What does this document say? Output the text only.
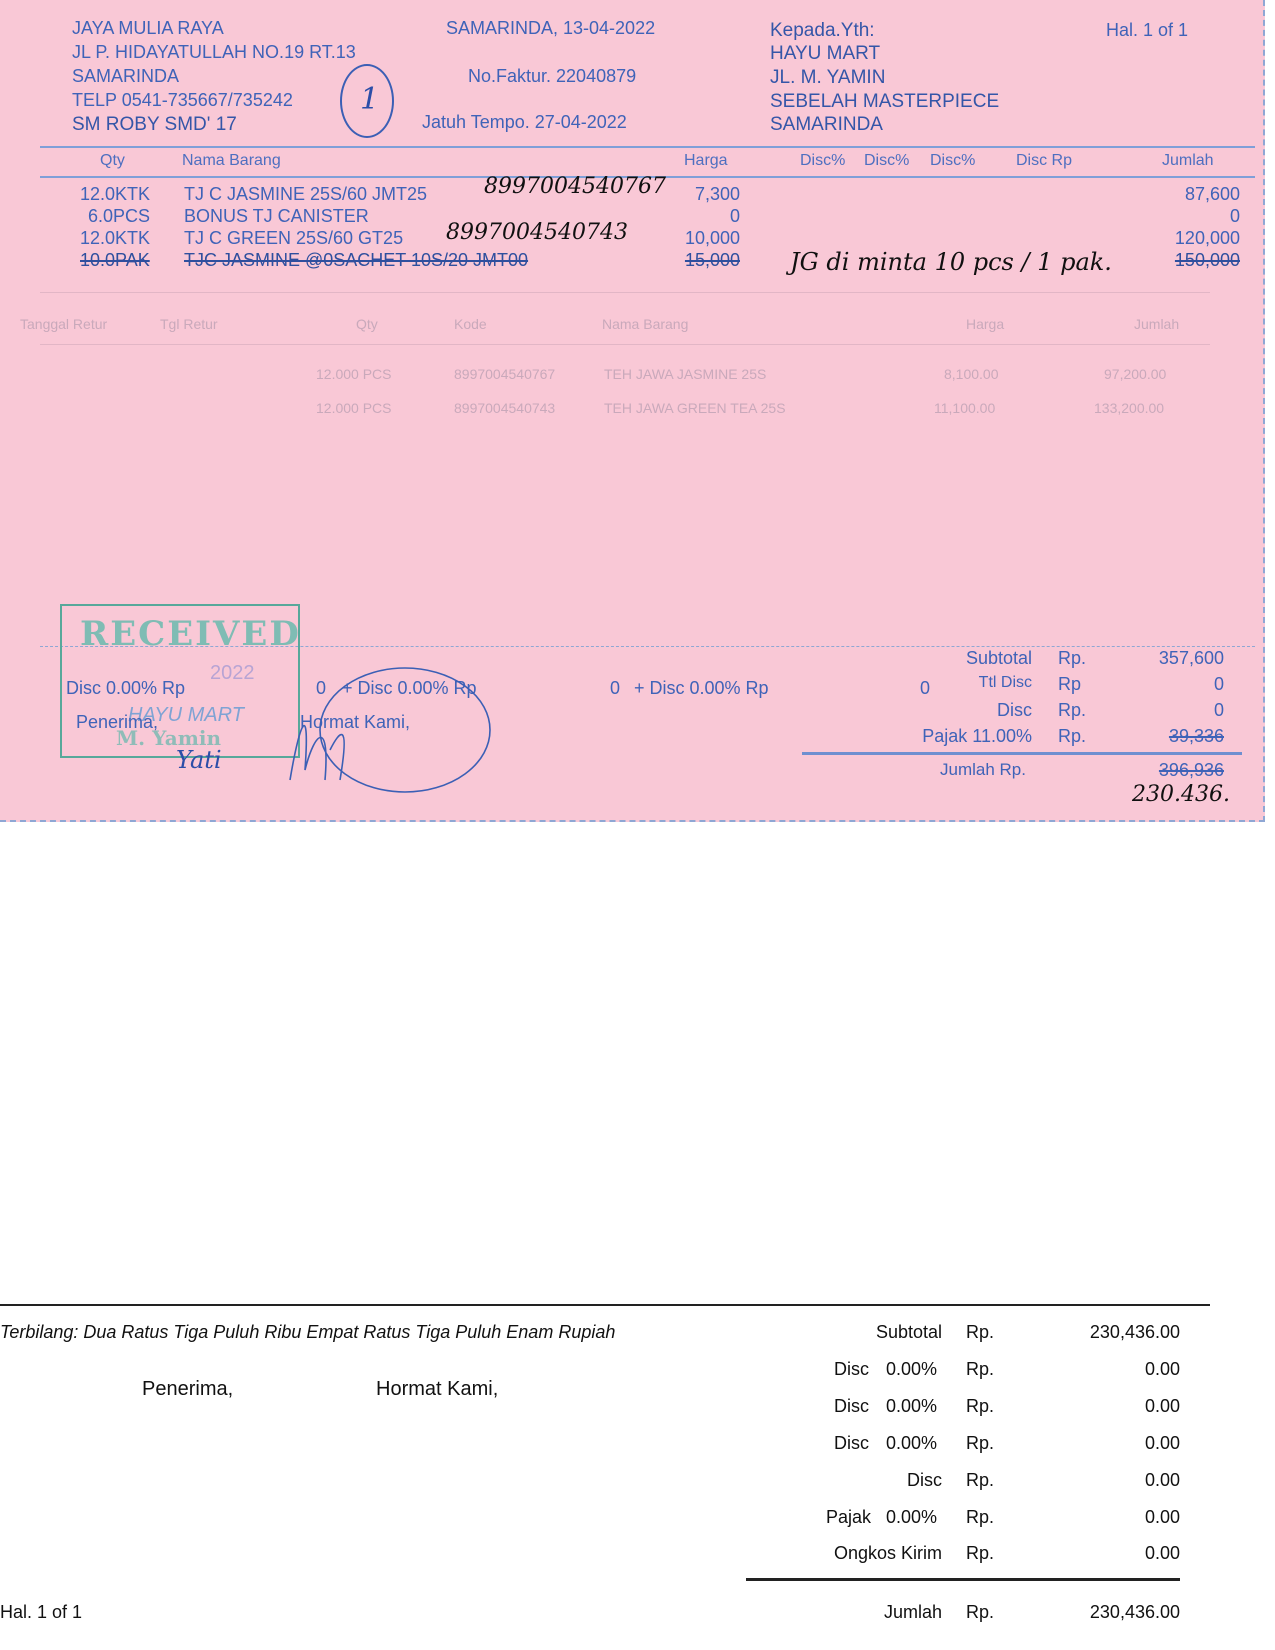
JAYA MULIA RAYA
JL P. HIDAYATULLAH NO.19 RT.13
SAMARINDA
TELP 0541-735667/735242
SM ROBY SMD' 17
1
SAMARINDA, 13-04-2022
No.Faktur. 22040879
Jatuh Tempo. 27-04-2022
Kepada.Yth:
HAYU MART
JL. M. YAMIN
SEBELAH MASTERPIECE
SAMARINDA
Hal. 1 of 1
Qty	Nama Barang	Harga	Disc% Disc% Disc%	Disc Rp	Jumlah
12.0KTK TJ C JASMINE 25S/60 JMT25	7,300	87,600
8997004540767
6.0PCS BONUS TJ CANISTER	0	0
12.0KTK TJ C GREEN 25S/60 GT25	10,000	120,000
8997004540743
10.0PAK TJC JASMINE @0SACHET 10S/20 JMT00	15,000	150,000
JG di minta 10 pcs / 1 pak.
Tanggal Retur	Tgl Retur	Qty	Kode	Nama Barang	Harga	Jumlah
12.000 PCS	8997004540767	TEH JAWA JASMINE 25S	8,100.00	97,200.00
12.000 PCS	8997004540743	TEH JAWA GREEN TEA 25S	11,100.00	133,200.00
RECEIVED
2022
HAYU MART
M. Yamin
Yati
Disc 0.00% Rp	0 + Disc 0.00% Rp	0 + Disc 0.00% Rp	0
Penerima,	Hormat Kami,
Subtotal Rp.	357,600
Ttl Disc Rp	0
Disc Rp.	0
Pajak 11.00% Rp.	39,336
Jumlah Rp.	396,936
230.436.
Terbilang: Dua Ratus Tiga Puluh Ribu Empat Ratus Tiga Puluh Enam Rupiah
Penerima,	Hormat Kami,
Hal. 1 of 1
Subtotal Rp.	230,436.00
Disc 0.00% Rp.	0.00
Disc 0.00% Rp.	0.00
Disc 0.00% Rp.	0.00
Disc Rp.	0.00
Pajak 0.00% Rp.	0.00
Ongkos Kirim Rp.	0.00
Jumlah Rp.	230,436.00
